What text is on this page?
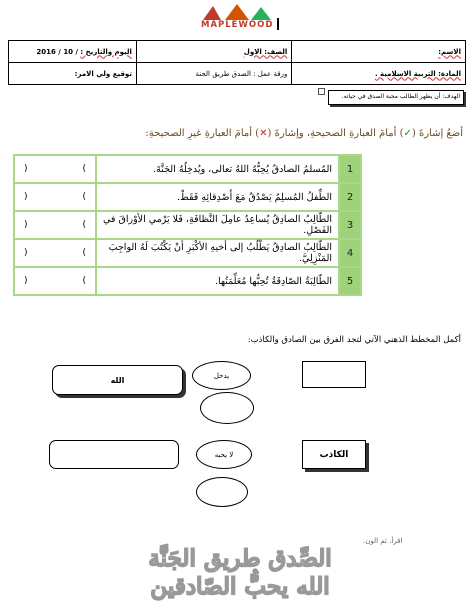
MAPLEWOOD
اليوم والتاريخ : / 10 / 2016	الصف: الاول	الاسم:
توقيع ولي الامر:	ورقة عمل : الصدق طريق الجنة	المادة: التربية الاسلامية .
الهدف: أن يظهر الطالب محبة الصدق في حياته.
أضعُ إشارةَ (✓) أمامَ العبارةِ الصحيحةِ، وإشارةَ (✕) أمامَ العبارةِ غيرِ الصحيحةِ:
) (	المُسلمُ الصادقُ يُحِبُّهُ اللهُ تعالى، ويُدخِلُهُ الجَنَّةَ.	1

) (	الطِّفلُ المُسلِمُ يَصْدُقُ مَعَ أَصْدِقائِهِ فَقَطْ.	2

) (	الطّالِبُ الصادِقُ يُساعِدُ عامِلَ النَّظافَةِ، فَلا يَرْمي الأوْراقَ في الفَصْلِ.	3

) (	الطّالِبُ الصادِقُ يَطْلُبُ إلى أخيهِ الأكْبَرِ أنْ يَكْتُبَ لَهُ الواجِبَ المَنْزِلِيَّ.	4

) (	الطّالِبَةُ الصّادِقَةُ تُحِبُّها مُعَلِّمَتُها.	5
أكمل المخطط الذهني الآتي لتجد الفرق بين الصادق والكاذب:
الله	يدخل
لا يحبه	الكاذب
اقرأ، ثم الون.
الصِّدق طريق الجَنَّة
الله يحبُّ الصّادقين
